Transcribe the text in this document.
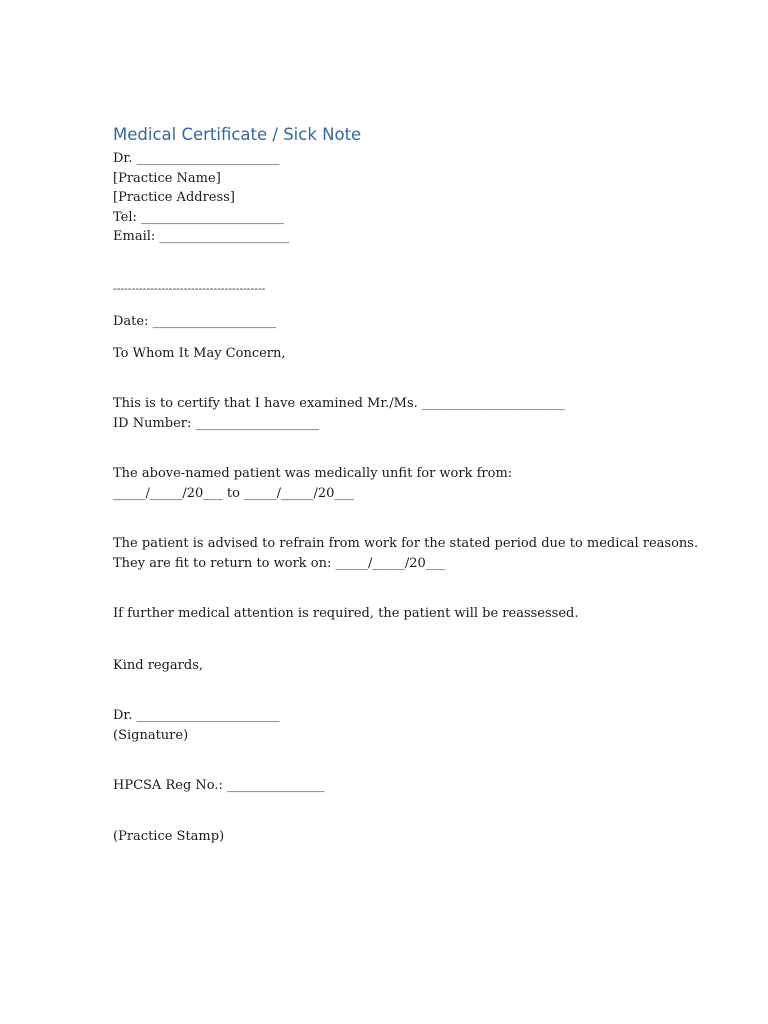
Medical Certificate / Sick Note
Dr. ______________________
[Practice Name]
[Practice Address]
Tel: ______________________
Email: ____________________
-----------------------------------------
Date: ___________________
To Whom It May Concern,
This is to certify that I have examined Mr./Ms. ______________________
ID Number: ___________________
The above-named patient was medically unfit for work from:
_____/_____/20___ to _____/_____/20___
The patient is advised to refrain from work for the stated period due to medical reasons.
They are fit to return to work on: _____/_____/20___
If further medical attention is required, the patient will be reassessed.
Kind regards,
Dr. ______________________
(Signature)
HPCSA Reg No.: _______________
(Practice Stamp)
